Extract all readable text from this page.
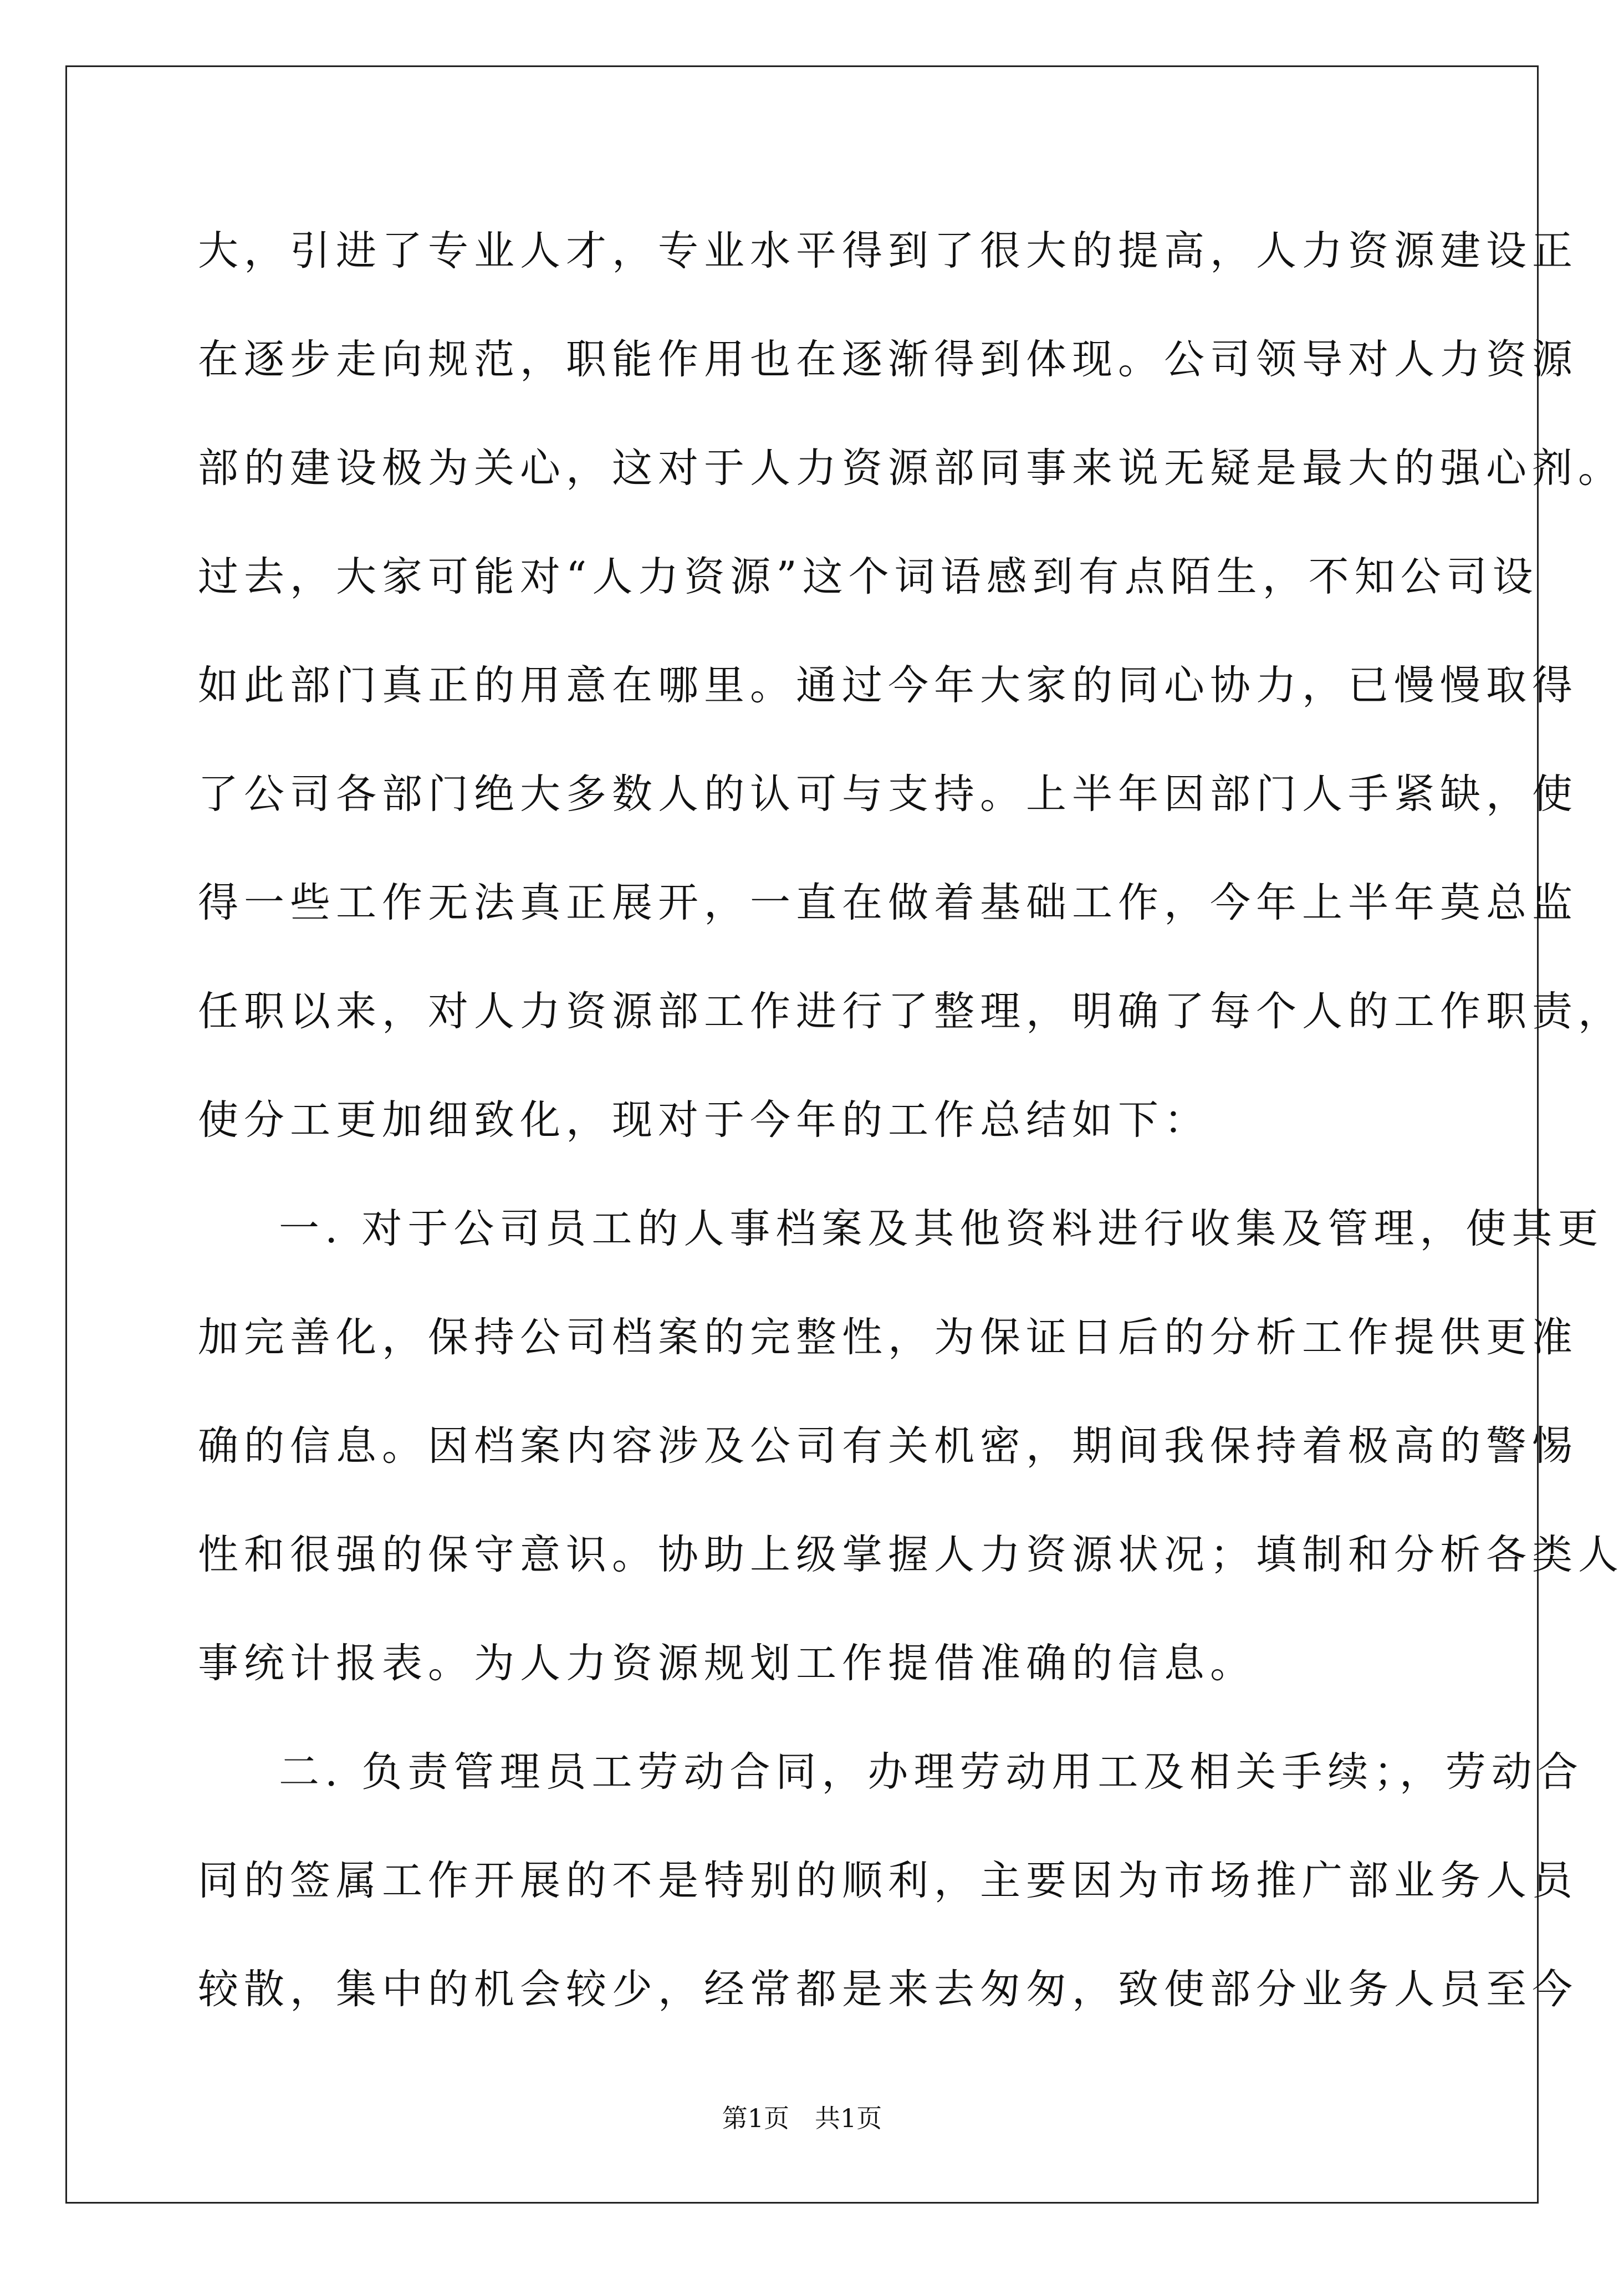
大，引进了专业人才，专业水平得到了很大的提高，人力资源建设正
在逐步走向规范，职能作用也在逐渐得到体现。公司领导对人力资源
部的建设极为关心，这对于人力资源部同事来说无疑是最大的强心剂。
过去，大家可能对“人力资源”这个词语感到有点陌生，不知公司设
如此部门真正的用意在哪里。通过今年大家的同心协力，已慢慢取得
了公司各部门绝大多数人的认可与支持。上半年因部门人手紧缺，使
得一些工作无法真正展开，一直在做着基础工作，今年上半年莫总监
任职以来，对人力资源部工作进行了整理，明确了每个人的工作职责，
使分工更加细致化，现对于今年的工作总结如下：
一. 对于公司员工的人事档案及其他资料进行收集及管理，使其更
加完善化，保持公司档案的完整性，为保证日后的分析工作提供更准
确的信息。因档案内容涉及公司有关机密，期间我保持着极高的警惕
性和很强的保守意识。协助上级掌握人力资源状况；填制和分析各类人
事统计报表。为人力资源规划工作提借准确的信息。
二. 负责管理员工劳动合同，办理劳动用工及相关手续；，劳动合
同的签属工作开展的不是特别的顺利，主要因为市场推广部业务人员
较散，集中的机会较少，经常都是来去匆匆，致使部分业务人员至今
第1页　共1页
